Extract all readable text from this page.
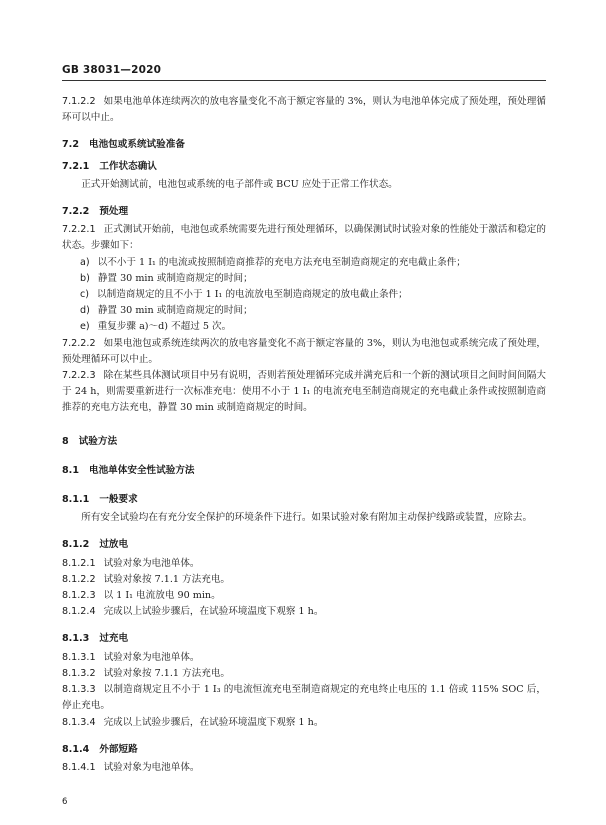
GB 38031—2020

7.1.2.2 如果电池单体连续两次的放电容量变化不高于额定容量的 3%，则认为电池单体完成了预处理，预处理循环可以中止。

7.2 电池包或系统试验准备

7.2.1 工作状态确认

正式开始测试前，电池包或系统的电子部件或 BCU 应处于正常工作状态。

7.2.2 预处理

7.2.2.1 正式测试开始前，电池包或系统需要先进行预处理循环，以确保测试时试验对象的性能处于激活和稳定的状态。步骤如下：

a) 以不小于 1 I₁ 的电流或按照制造商推荐的充电方法充电至制造商规定的充电截止条件；

b) 静置 30 min 或制造商规定的时间；

c) 以制造商规定的且不小于 1 I₁ 的电流放电至制造商规定的放电截止条件；

d) 静置 30 min 或制造商规定的时间；

e) 重复步骤 a)～d) 不超过 5 次。

7.2.2.2 如果电池包或系统连续两次的放电容量变化不高于额定容量的 3%，则认为电池包或系统完成了预处理，预处理循环可以中止。

7.2.2.3 除在某些具体测试项目中另有说明，否则若预处理循环完成并满充后和一个新的测试项目之间时间间隔大于 24 h，则需要重新进行一次标准充电：使用不小于 1 I₁ 的电流充电至制造商规定的充电截止条件或按照制造商推荐的充电方法充电，静置 30 min 或制造商规定的时间。

8 试验方法

8.1 电池单体安全性试验方法

8.1.1 一般要求

所有安全试验均在有充分安全保护的环境条件下进行。如果试验对象有附加主动保护线路或装置，应除去。

8.1.2 过放电

8.1.2.1 试验对象为电池单体。

8.1.2.2 试验对象按 7.1.1 方法充电。

8.1.2.3 以 1 I₁ 电流放电 90 min。

8.1.2.4 完成以上试验步骤后，在试验环境温度下观察 1 h。

8.1.3 过充电

8.1.3.1 试验对象为电池单体。

8.1.3.2 试验对象按 7.1.1 方法充电。

8.1.3.3 以制造商规定且不小于 1 I₃ 的电流恒流充电至制造商规定的充电终止电压的 1.1 倍或 115% SOC 后，停止充电。

8.1.3.4 完成以上试验步骤后，在试验环境温度下观察 1 h。

8.1.4 外部短路

8.1.4.1 试验对象为电池单体。

6
